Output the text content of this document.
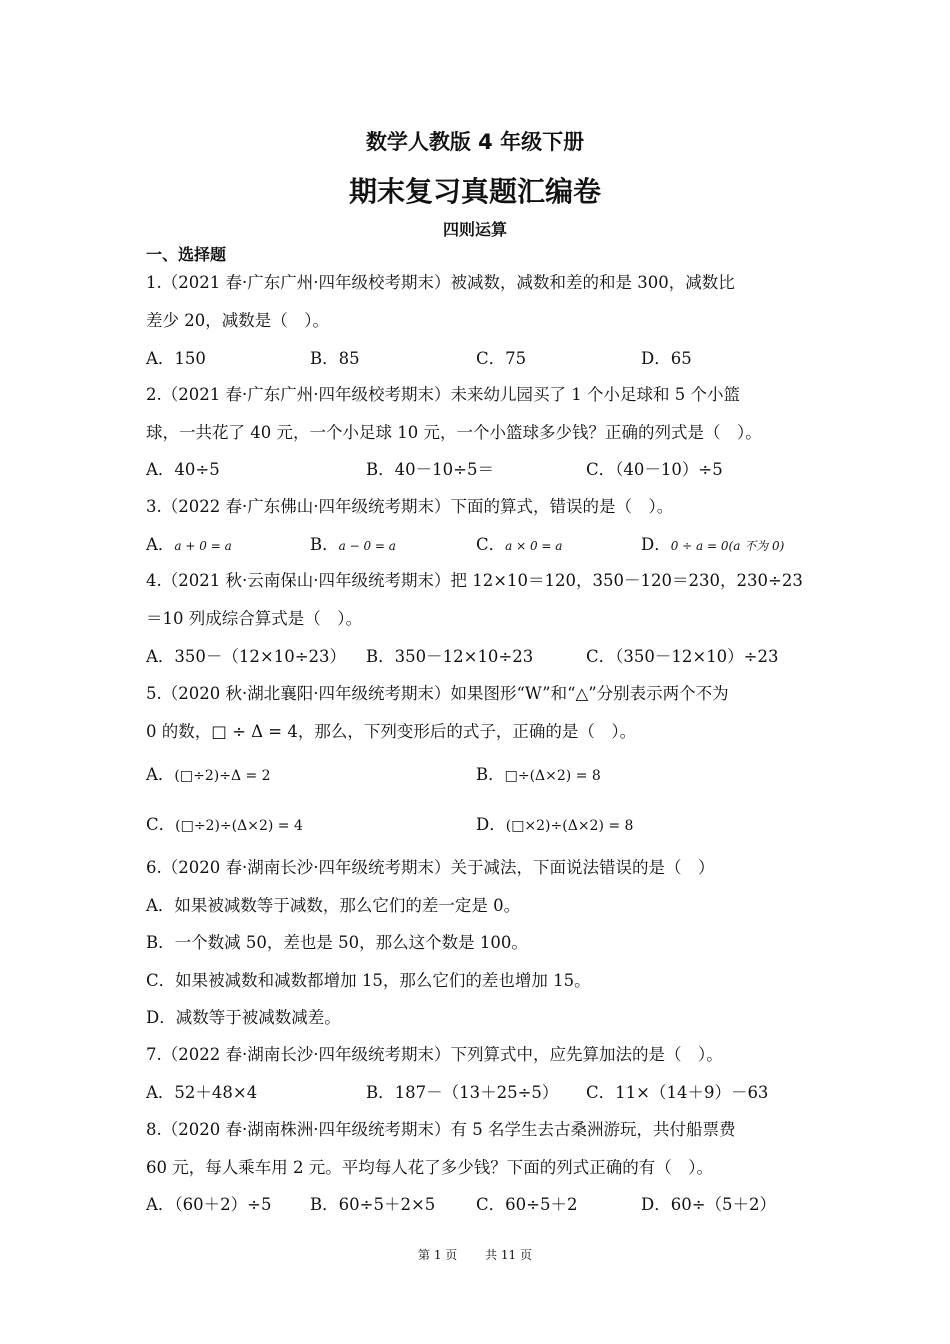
数学人教版 4 年级下册
期末复习真题汇编卷
四则运算
一、选择题
1.（2021 春·广东广州·四年级校考期末）被减数，减数和差的和是 300，减数比
差少 20，减数是（　）。
A．150	B．85	C．75	D．65
2.（2021 春·广东广州·四年级校考期末）未来幼儿园买了 1 个小足球和 5 个小篮
球，一共花了 40 元，一个小足球 10 元，一个小篮球多少钱？正确的列式是（　）。
A．40÷5	B．40－10÷5＝	C．（40－10）÷5
3.（2022 春·广东佛山·四年级统考期末）下面的算式，错误的是（　）。
A．a + 0 = a	B．a − 0 = a	C．a × 0 = a	D．0 ÷ a = 0(a 不为 0)
4.（2021 秋·云南保山·四年级统考期末）把 12×10＝120，350－120＝230，230÷23
＝10 列成综合算式是（　）。
A．350－（12×10÷23） B．350－12×10÷23	C．（350－12×10）÷23
5.（2020 秋·湖北襄阳·四年级统考期末）如果图形“W”和“△”分别表示两个不为
0 的数，□ ÷ Δ = 4，那么，下列变形后的式子，正确的是（　）。
A．(□÷2)÷Δ = 2	B．□÷(Δ×2) = 8
C．(□÷2)÷(Δ×2) = 4	D．(□×2)÷(Δ×2) = 8
6.（2020 春·湖南长沙·四年级统考期末）关于减法，下面说法错误的是（　）
A．如果被减数等于减数，那么它们的差一定是 0。
B．一个数减 50，差也是 50，那么这个数是 100。
C．如果被减数和减数都增加 15，那么它们的差也增加 15。
D．减数等于被减数减差。
7.（2022 春·湖南长沙·四年级统考期末）下列算式中，应先算加法的是（　）。
A．52＋48×4	B．187－（13＋25÷5） C．11×（14＋9）－63
8.（2020 春·湖南株洲·四年级统考期末）有 5 名学生去古桑洲游玩，共付船票费
60 元，每人乘车用 2 元。平均每人花了多少钱？下面的列式正确的有（　）。
A．（60＋2）÷5 B．60÷5＋2×5 C．60÷5＋2	D．60÷（5＋2）
第 1 页 共 11 页
